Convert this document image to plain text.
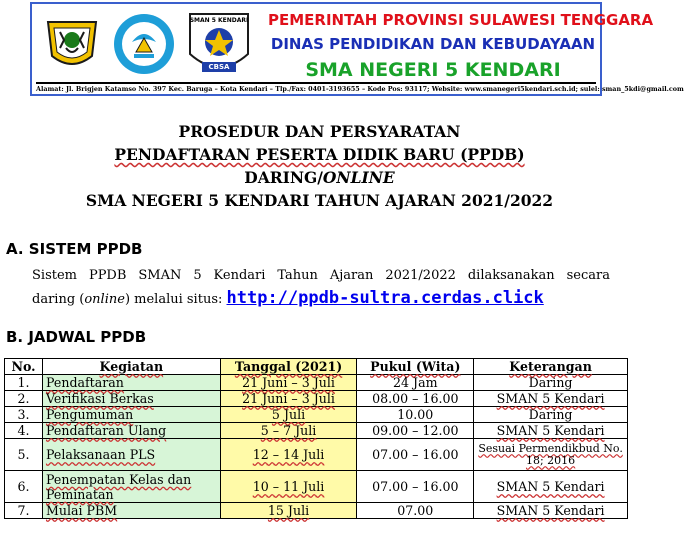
SMAN 5 KENDARI
CBSA
PEMERINTAH PROVINSI SULAWESI TENGGARA
DINAS PENDIDIKAN DAN KEBUDAYAAN
SMA NEGERI 5 KENDARI
Alamat: Jl. Brigjen Katamso No. 397 Kec. Baruga – Kota Kendari – Tlp./Fax: 0401-3193655 – Kode Pos: 93117; Website: www.smanegeri5kendari.sch.id; sulel: sman_5kdi@gmail.com
PROSEDUR DAN PERSYARATAN
PENDAFTARAN PESERTA DIDIK BARU (PPDB)
DARING/ONLINE
SMA NEGERI 5 KENDARI TAHUN AJARAN 2021/2022
A. SISTEM PPDB
Sistem PPDB SMAN 5 Kendari Tahun Ajaran 2021/2022 dilaksanakan secara
daring (online) melalui situs: http://ppdb-sultra.cerdas.click
B. JADWAL PPDB
No.	Kegiatan	Tanggal (2021)	Pukul (Wita)	Keterangan
1.	Pendaftaran	21 Juni – 3 Juli	24 Jam	Daring
2.	Verifikasi Berkas	21 Juni – 3 Juli	08.00 – 16.00	SMAN 5 Kendari
3.	Pengumuman	5 Juli	10.00	Daring
4.	Pendaftaran Ulang	5 – 7 Juli	09.00 – 12.00	SMAN 5 Kendari
5.	Pelaksanaan PLS	12 – 14 Juli	07.00 – 16.00	Sesuai Permendikbud No. 18; 2016
6.	Penempatan Kelas dan Peminatan	10 – 11 Juli	07.00 – 16.00	SMAN 5 Kendari
7.	Mulai PBM	15 Juli	07.00	SMAN 5 Kendari
